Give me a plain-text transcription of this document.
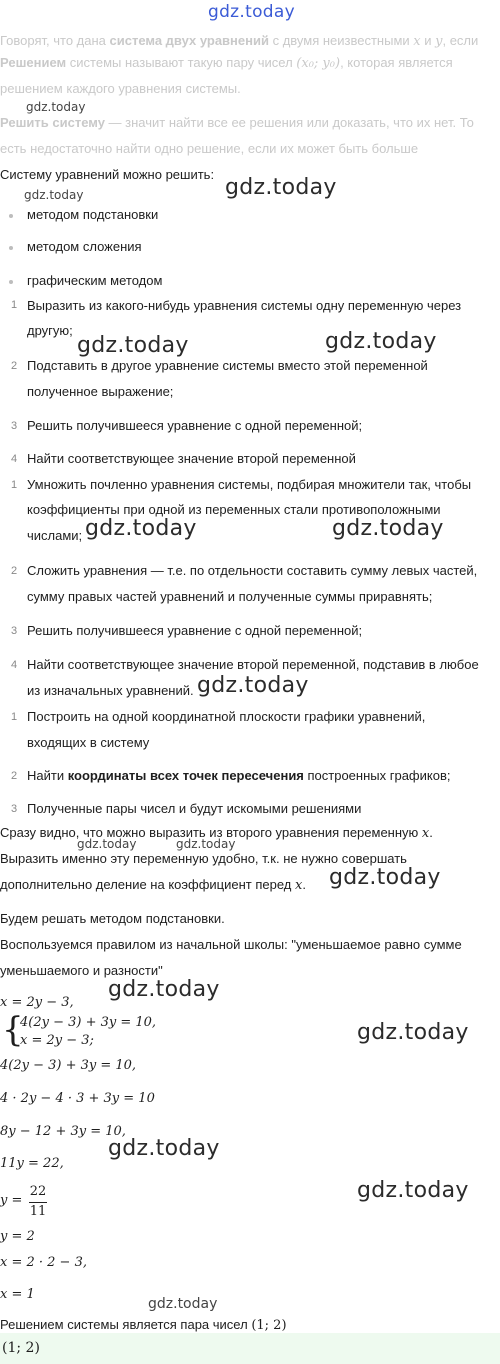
gdz.today
Говорят, что дана система двух уравнений с двумя неизвестными x и y, если
Решением системы называют такую пару чисел (x₀; y₀), которая является
решением каждого уравнения системы.
gdz.today
Решить систему — значит найти все ее решения или доказать, что их нет. То
есть недостаточно найти одно решение, если их может быть больше
Систему уравнений можно решить:
gdz.today
gdz.today
методом подстановки
методом сложения
графическим методом
1 Выразить из какого-нибудь уравнения системы одну переменную через
другую;
gdz.today	gdz.today
2 Подставить в другое уравнение системы вместо этой переменной
полученное выражение;
3 Решить получившееся уравнение с одной переменной;
4 Найти соответствующее значение второй переменной
1 Умножить почленно уравнения системы, подбирая множители так, чтобы
коэффициенты при одной из переменных стали противоположными
числами; gdz.today	gdz.today
2 Сложить уравнения — т.е. по отдельности составить сумму левых частей,
сумму правых частей уравнений и полученные суммы приравнять;
3 Решить получившееся уравнение с одной переменной;
4 Найти соответствующее значение второй переменной, подставив в любое
из изначальных уравнений. gdz.today
1 Построить на одной координатной плоскости графики уравнений,
входящих в систему
2 Найти координаты всех точек пересечения построенных графиков;
3 Полученные пары чисел и будут искомыми решениями
Сразу видно, что можно выразить из второго уравнения переменную x.
gdz.today	gdz.today
Выразить именно эту переменную удобно, т.к. не нужно совершать
дополнительно деление на коэффициент перед x. gdz.today
Будем решать методом подстановки.
Воспользуемся правилом из начальной школы: "уменьшаемое равно сумме
уменьшаемого и разности"
gdz.today
x = 2y − 3,
{
4(2y − 3) + 3y = 10,
x = 2y − 3;	gdz.today
4(2y − 3) + 3y = 10,
4 · 2y − 4 · 3 + 3y = 10
8y − 12 + 3y = 10,
gdz.today
11y = 22,
gdz.today
y =
22
11
y = 2
x = 2 · 2 − 3,
x = 1
gdz.today
Решением системы является пара чисел (1; 2)
(1; 2)
